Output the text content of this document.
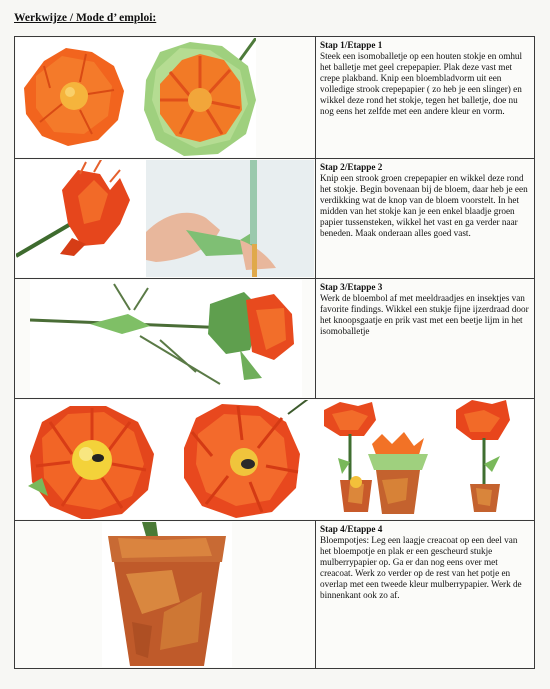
Werkwijze / Mode d’ emploi:

Stap 1/Etappe 1
Steek een isomoballetje op een houten stokje en omhul het balletje met geel crepepapier. Plak deze vast met crepe plakband. Knip een bloembladvorm uit een volledige strook crepepapier ( zo heb je een slinger) en wikkel deze rond het stokje, tegen het balletje, doe nu nog eens het zelfde met een andere kleur en vorm.

Stap 2/Etappe 2
Knip een strook groen crepepapier en wikkel deze rond het stokje. Begin bovenaan bij de bloem, daar heb je een verdikking wat de knop van de bloem voorstelt. In het midden van het stokje kan je een enkel blaadje groen papier tussensteken, wikkel het vast en ga verder naar beneden. Maak onderaan alles goed vast.

Stap 3/Etappe 3
Werk de bloembol af met meeldraadjes en insektjes van favorite findings. Wikkel een stukje fijne ijzerdraad door het knoopsgaatje en prik vast met een beetje lijm in het isomoballetje

Stap 4/Etappe 4
Bloempotjes: Leg een laagje creacoat op een deel van het bloempotje en plak er een gescheurd stukje mulberrypapier op. Ga er dan nog eens over met creacoat. Werk zo verder op de rest van het potje en overlap met een tweede kleur mulberrypapier. Werk de binnenkant ook zo af.
